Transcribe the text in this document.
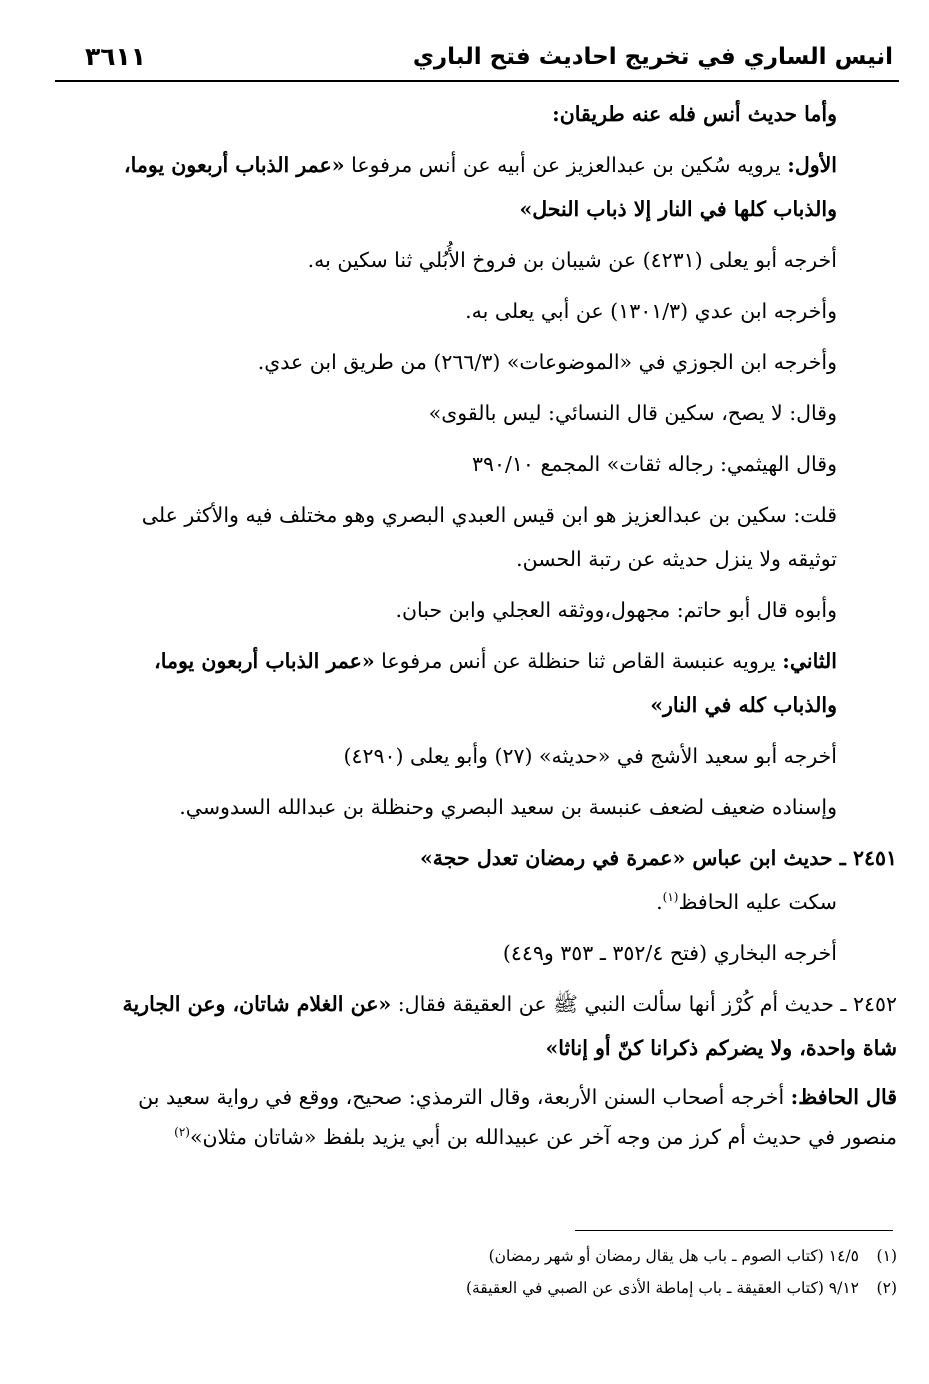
انيس الساري في تخريج احاديث فتح الباري
٣٦١١

وأما حديث أنس فله عنه طريقان:

الأول: يرويه سُكين بن عبدالعزيز عن أبيه عن أنس مرفوعا «عمر الذباب أربعون يوما، والذباب كلها في النار إلا ذباب النحل»

أخرجه أبو يعلى (٤٢٣١) عن شيبان بن فروخ الأُبُلي ثنا سكين به.

وأخرجه ابن عدي (١٣٠١/٣) عن أبي يعلى به.

وأخرجه ابن الجوزي في «الموضوعات» (٢٦٦/٣) من طريق ابن عدي.

وقال: لا يصح، سكين قال النسائي: ليس بالقوى»

وقال الهيثمي: رجاله ثقات» المجمع ٣٩٠/١٠

قلت: سكين بن عبدالعزيز هو ابن قيس العبدي البصري وهو مختلف فيه والأكثر على توثيقه ولا ينزل حديثه عن رتبة الحسن.

وأبوه قال أبو حاتم: مجهول،ووثقه العجلي وابن حبان.

الثاني: يرويه عنبسة القاص ثنا حنظلة عن أنس مرفوعا «عمر الذباب أربعون يوما، والذباب كله في النار»

أخرجه أبو سعيد الأشج في «حديثه» (٢٧) وأبو يعلى (٤٢٩٠)

وإسناده ضعيف لضعف عنبسة بن سعيد البصري وحنظلة بن عبدالله السدوسي.

٢٤٥١ ـ حديث ابن عباس «عمرة في رمضان تعدل حجة»

سكت عليه الحافظ$^{(١)}$.

أخرجه البخاري (فتح ٣٥٢/٤ ـ ٣٥٣ و٤٤٩)

٢٤٥٢ ـ حديث أم كُرْز أنها سألت النبي ﷺ عن العقيقة فقال: «عن الغلام شاتان، وعن الجارية شاة واحدة، ولا يضركم ذكرانا كنّ أو إناثا»

قال الحافظ: أخرجه أصحاب السنن الأربعة، وقال الترمذي: صحيح، ووقع في رواية سعيد بن منصور في حديث أم كرز من وجه آخر عن عبيدالله بن أبي يزيد بلفظ «شاتان مثلان»$^{(٢)}$

(١)١٤/٥ (كتاب الصوم ـ باب هل يقال رمضان أو شهر رمضان)
(٢)٩/١٢ (كتاب العقيقة ـ باب إماطة الأذى عن الصبي في العقيقة)
